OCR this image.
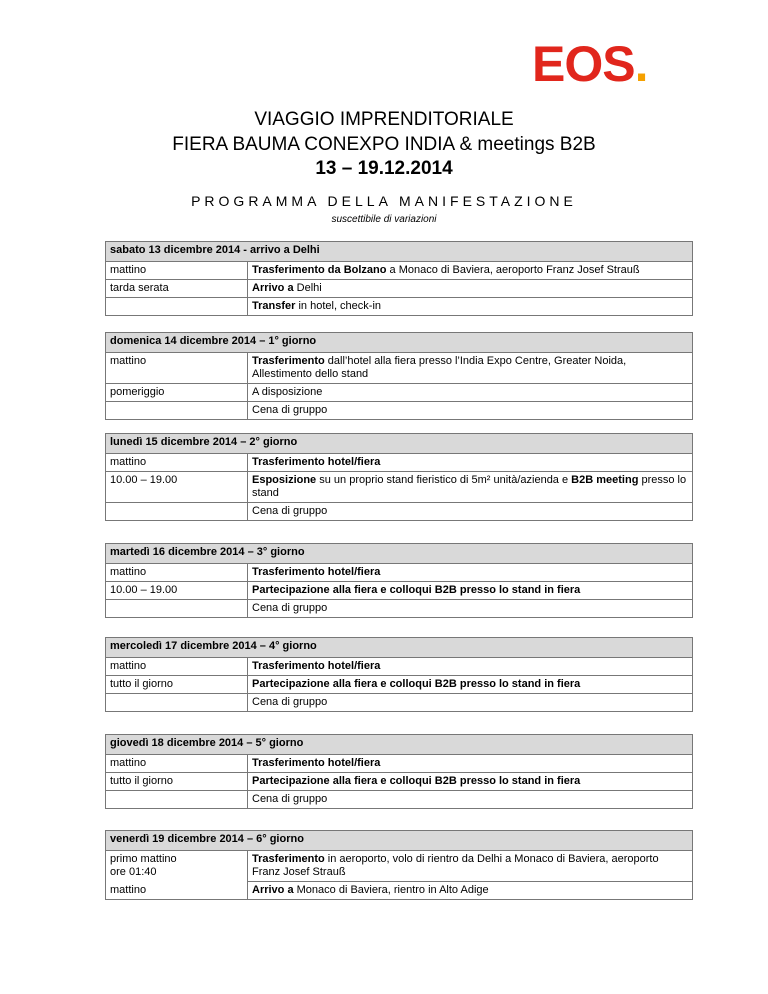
EOS.
VIAGGIO IMPRENDITORIALE
FIERA BAUMA CONEXPO INDIA & meetings B2B
13 – 19.12.2014
PROGRAMMA DELLA MANIFESTAZIONE
suscettibile di variazioni
sabato 13 dicembre 2014 - arrivo a Delhi	
mattino	Trasferimento da Bolzano a Monaco di Baviera, aeroporto Franz Josef Strauß
tarda serata	Arrivo a Delhi
	Transfer in hotel, check-in
domenica 14 dicembre 2014 – 1° giorno	
mattino	Trasferimento dall’hotel alla fiera presso l’India Expo Centre, Greater Noida, Allestimento dello stand
pomeriggio	A disposizione
	Cena di gruppo
lunedì 15 dicembre 2014 – 2° giorno	
mattino	Trasferimento hotel/fiera
10.00 – 19.00	Esposizione su un proprio stand fieristico di 5m² unità/azienda e B2B meeting presso lo stand
	Cena di gruppo
martedì 16 dicembre 2014 – 3° giorno	
mattino	Trasferimento hotel/fiera
10.00 – 19.00	Partecipazione alla fiera e colloqui B2B presso lo stand in fiera
	Cena di gruppo
mercoledì 17 dicembre 2014 – 4° giorno	
mattino	Trasferimento hotel/fiera
tutto il giorno	Partecipazione alla fiera e colloqui B2B presso lo stand in fiera
	Cena di gruppo
giovedì 18 dicembre 2014 – 5° giorno	
mattino	Trasferimento hotel/fiera
tutto il giorno	Partecipazione alla fiera e colloqui B2B presso lo stand in fiera
	Cena di gruppo
venerdì 19 dicembre 2014 – 6° giorno	

primo mattino
ore 01:40	Trasferimento in aeroporto, volo di rientro da Delhi a Monaco di Baviera, aeroporto Franz Josef Strauß
mattino	Arrivo a Monaco di Baviera, rientro in Alto Adige
